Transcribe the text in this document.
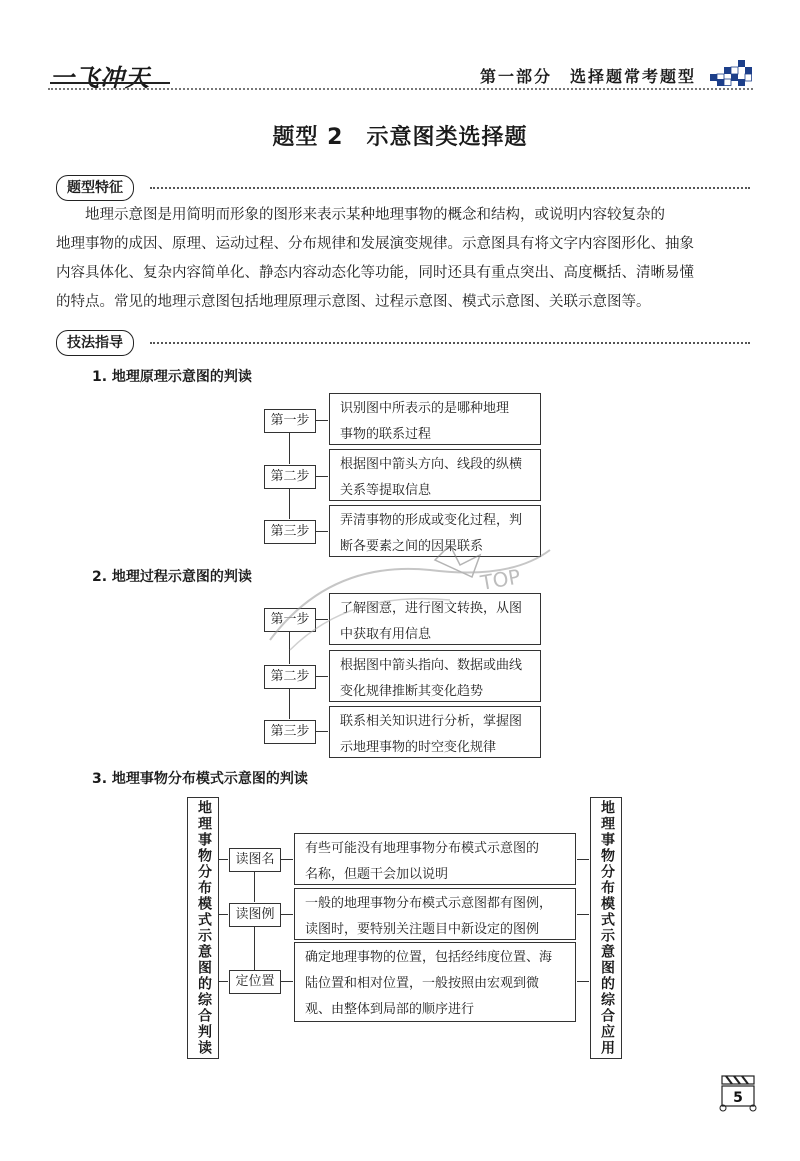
一飞冲天	第一部分　选择题常考题型
题型 2　示意图类选择题
题型特征
　　地理示意图是用简明而形象的图形来表示某种地理事物的概念和结构，或说明内容较复杂的
地理事物的成因、原理、运动过程、分布规律和发展演变规律。示意图具有将文字内容图形化、抽象
内容具体化、复杂内容简单化、静态内容动态化等功能，同时还具有重点突出、高度概括、清晰易懂
的特点。常见的地理示意图包括地理原理示意图、过程示意图、模式示意图、关联示意图等。
技法指导
1. 地理原理示意图的判读
第一步
识别图中所表示的是哪种地理
事物的联系过程
第二步
根据图中箭头方向、线段的纵横
关系等提取信息
第三步
弄清事物的形成或变化过程，判
断各要素之间的因果联系
2. 地理过程示意图的判读
第一步
了解图意，进行图文转换，从图
中获取有用信息
第二步
根据图中箭头指向、数据或曲线
变化规律推断其变化趋势
第三步
联系相关知识进行分析，掌握图
示地理事物的时空变化规律
TOP
3. 地理事物分布模式示意图的判读
地理事物分布模式示意图的综合判读	地理事物分布模式示意图的综合应用
读图名
有些可能没有地理事物分布模式示意图的
名称，但题干会加以说明
读图例
一般的地理事物分布模式示意图都有图例，
读图时，要特别关注题目中新设定的图例
定位置
确定地理事物的位置，包括经纬度位置、海
陆位置和相对位置，一般按照由宏观到微
观、由整体到局部的顺序进行
5
